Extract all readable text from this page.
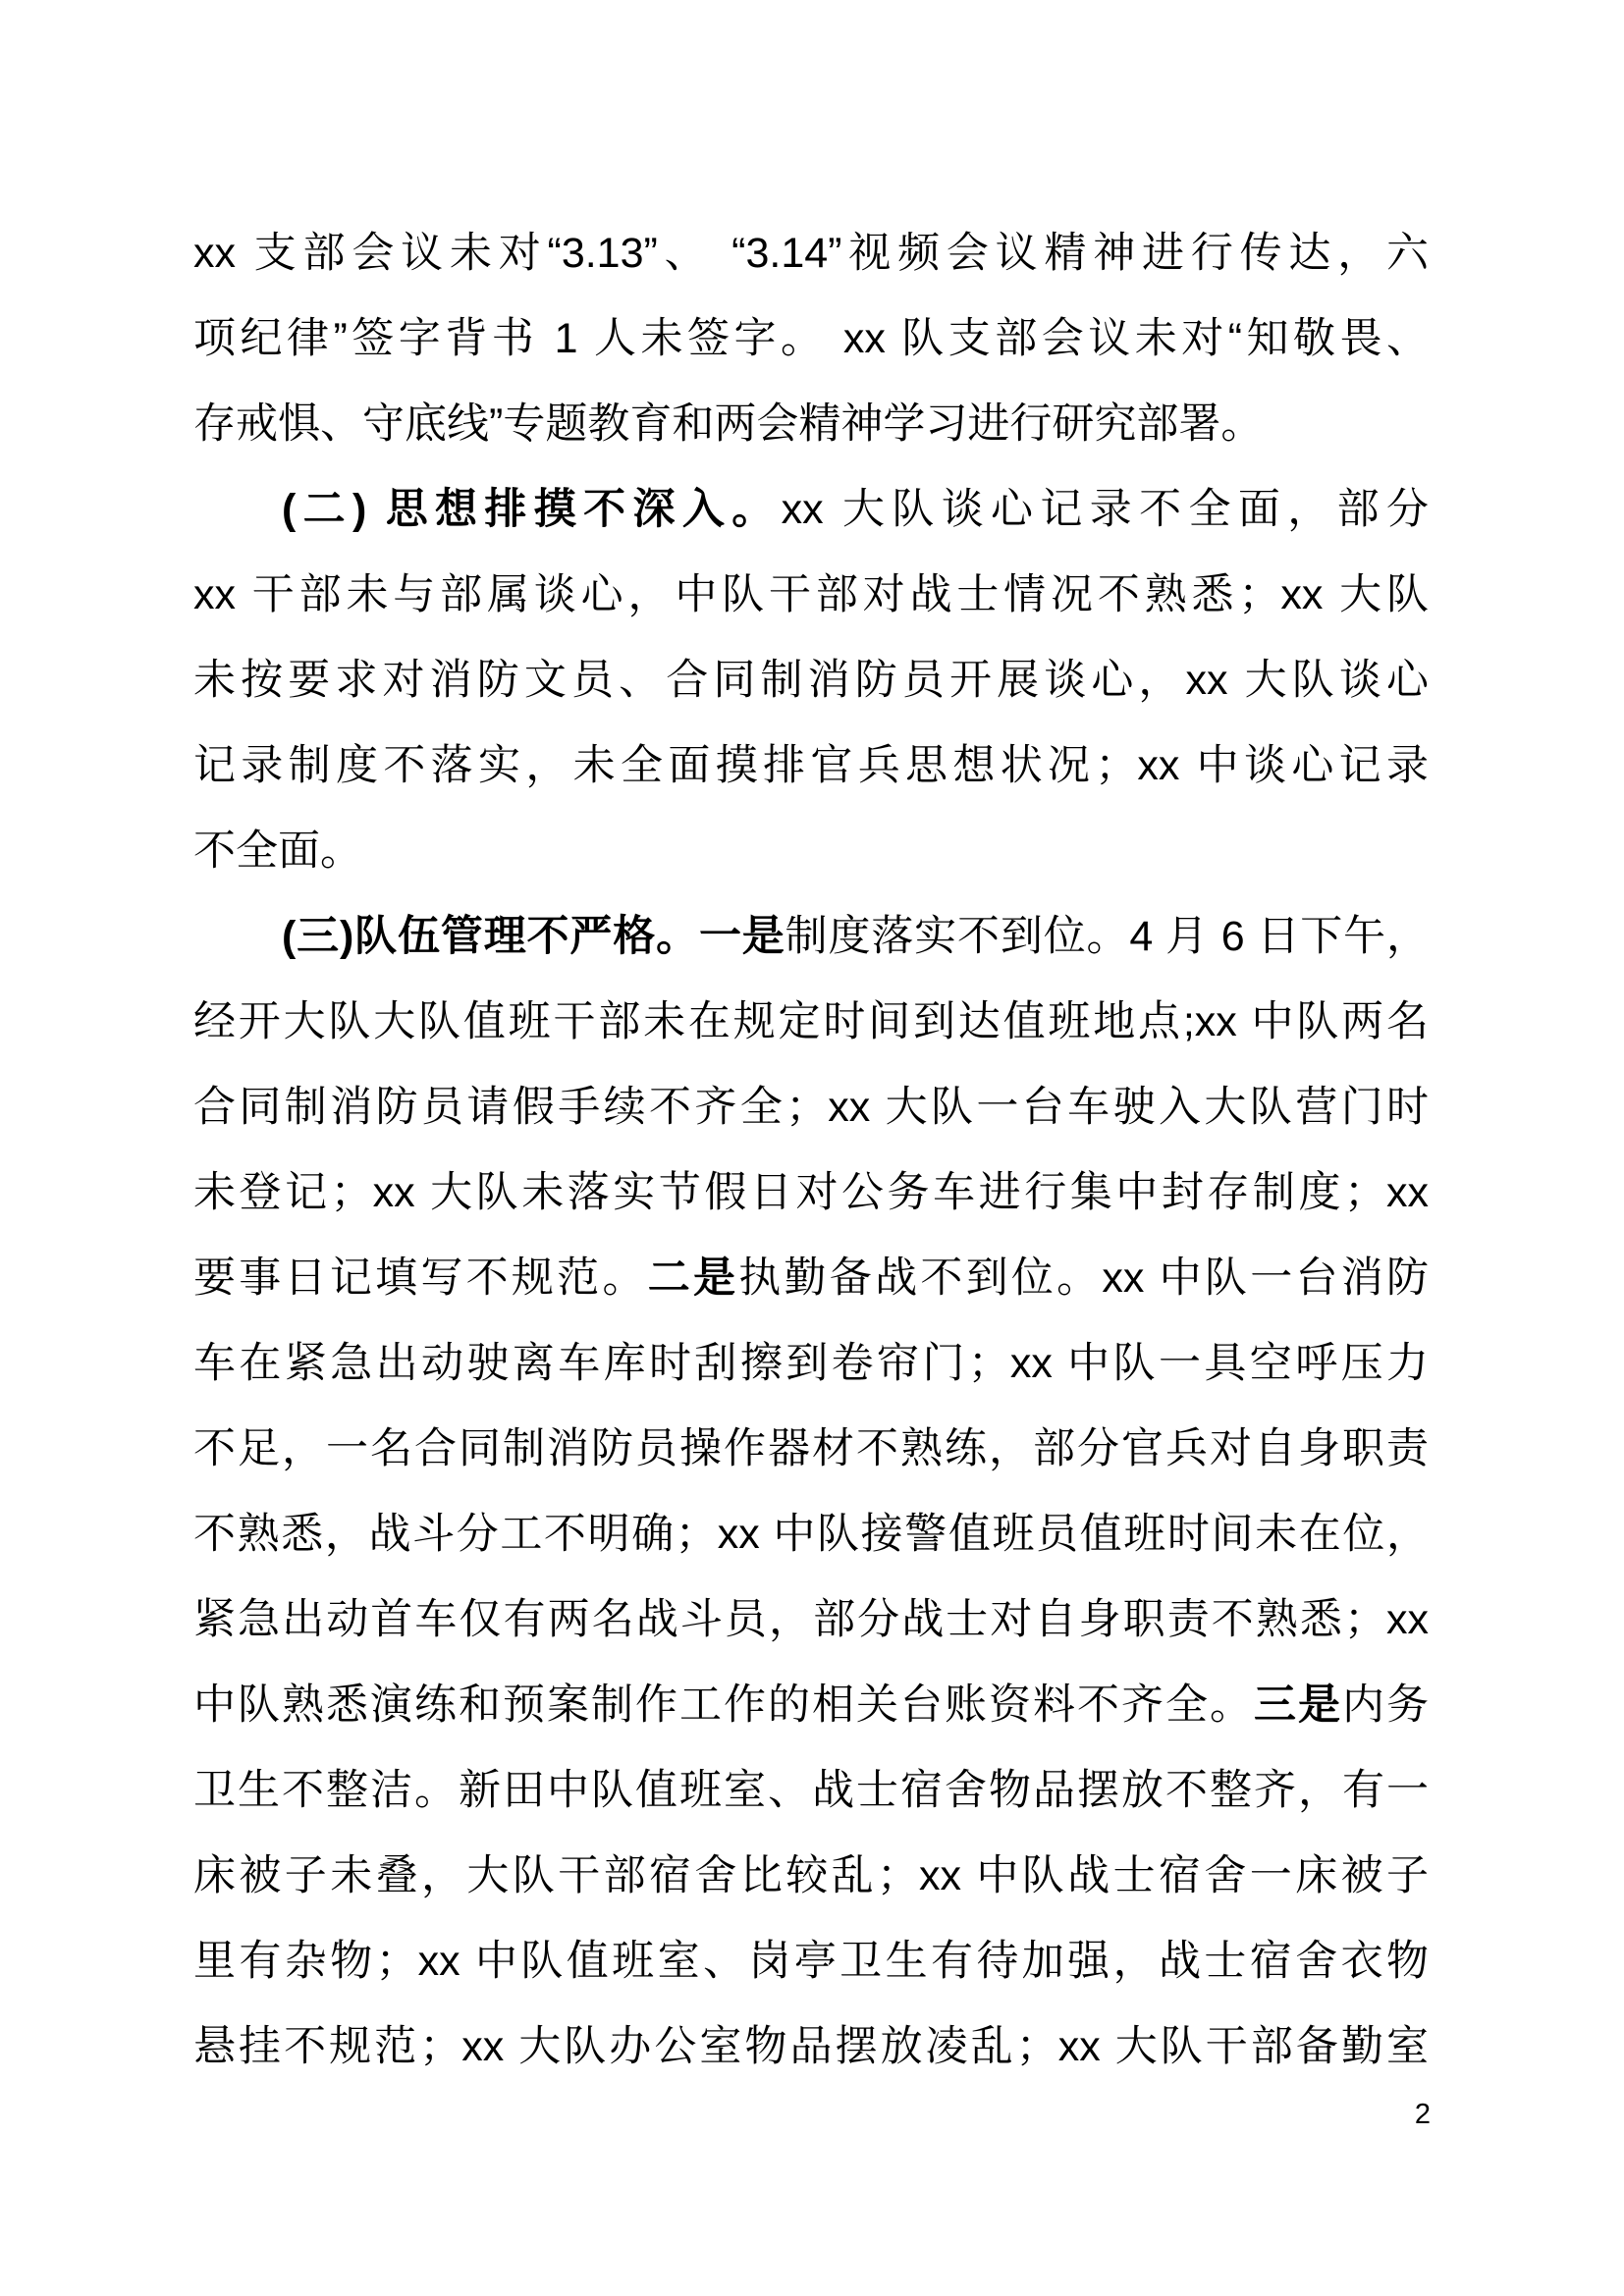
xx 支部会议未对“3.13”、 “3.14”视频会议精神进行传达，六
项纪律”签字背书 1 人未签字。 xx 队支部会议未对“知敬畏、
存戒惧、守底线”专题教育和两会精神学习进行研究部署。
(二) 思想排摸不深入。xx 大队谈心记录不全面，部分
xx 干部未与部属谈心，中队干部对战士情况不熟悉；xx 大队
未按要求对消防文员、合同制消防员开展谈心，xx 大队谈心
记录制度不落实，未全面摸排官兵思想状况；xx 中谈心记录
不全面。
(三)队伍管理不严格。一是制度落实不到位。4 月 6 日下午，
经开大队大队值班干部未在规定时间到达值班地点;xx 中队两名
合同制消防员请假手续不齐全；xx 大队一台车驶入大队营门时
未登记；xx 大队未落实节假日对公务车进行集中封存制度；xx
要事日记填写不规范。二是执勤备战不到位。xx 中队一台消防
车在紧急出动驶离车库时刮擦到卷帘门；xx 中队一具空呼压力
不足，一名合同制消防员操作器材不熟练，部分官兵对自身职责
不熟悉，战斗分工不明确；xx 中队接警值班员值班时间未在位，
紧急出动首车仅有两名战斗员，部分战士对自身职责不熟悉；xx
中队熟悉演练和预案制作工作的相关台账资料不齐全。三是内务
卫生不整洁。新田中队值班室、战士宿舍物品摆放不整齐，有一
床被子未叠，大队干部宿舍比较乱；xx 中队战士宿舍一床被子
里有杂物；xx 中队值班室、岗亭卫生有待加强，战士宿舍衣物
悬挂不规范；xx 大队办公室物品摆放凌乱；xx 大队干部备勤室
2
